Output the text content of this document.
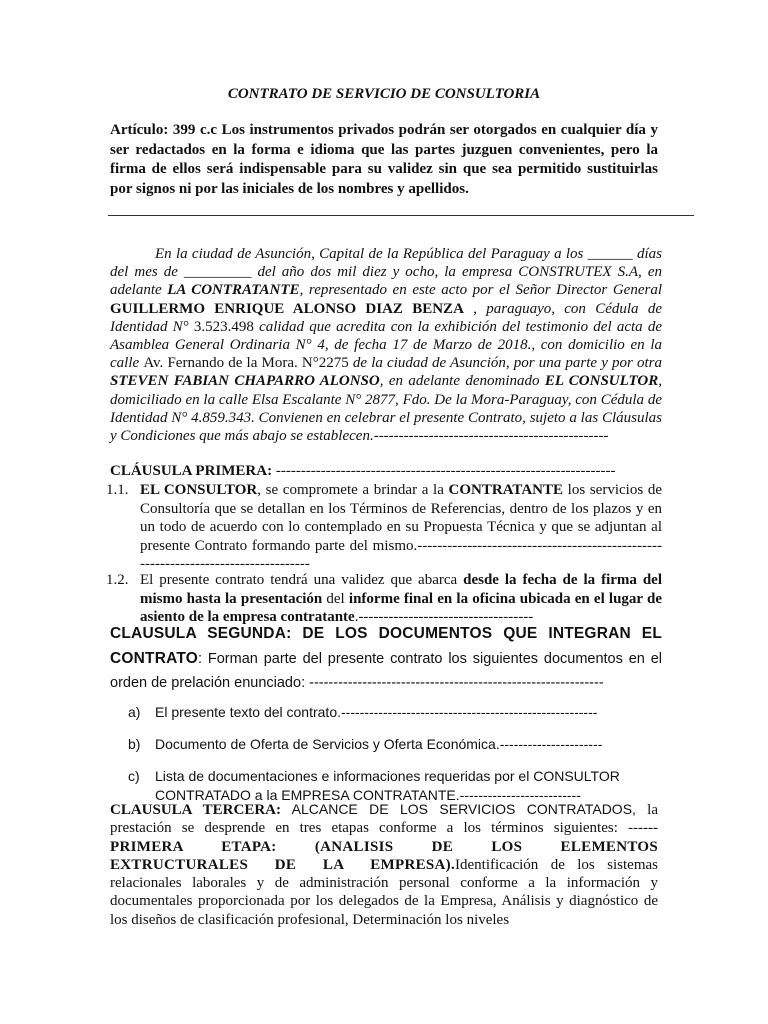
CONTRATO DE SERVICIO DE CONSULTORIA
Artículo: 399 c.c Los instrumentos privados podrán ser otorgados en cualquier día y ser redactados en la forma e idioma que las partes juzguen convenientes, pero la firma de ellos será indispensable para su validez sin que sea permitido sustituirlas por signos ni por las iniciales de los nombres y apellidos.
En la ciudad de Asunción, Capital de la República del Paraguay a los ______ días del mes de _________ del año dos mil diez y ocho, la empresa CONSTRUTEX S.A, en adelante LA CONTRATANTE, representado en este acto por el Señor Director General GUILLERMO ENRIQUE ALONSO DIAZ BENZA , paraguayo, con Cédula de Identidad N° 3.523.498 calidad que acredita con la exhibición del testimonio del acta de Asamblea General Ordinaria N° 4, de fecha 17 de Marzo de 2018., con domicilio en la calle Av. Fernando de la Mora. N°2275 de la ciudad de Asunción, por una parte y por otra STEVEN FABIAN CHAPARRO ALONSO, en adelante denominado EL CONSULTOR, domiciliado en la calle Elsa Escalante N° 2877, Fdo. De la Mora-Paraguay, con Cédula de Identidad N° 4.859.343. Convienen en celebrar el presente Contrato, sujeto a las Cláusulas y Condiciones que más abajo se establecen.-----------------------------------------------
CLÁUSULA PRIMERA: --------------------------------------------------------------------
1.1. EL CONSULTOR, se compromete a brindar a la CONTRATANTE los servicios de Consultoría que se detallan en los Términos de Referencias, dentro de los plazos y en un todo de acuerdo con lo contemplado en su Propuesta Técnica y que se adjuntan al presente Contrato formando parte del mismo.-----------------------------------------------------------------------------------
1.2. El presente contrato tendrá una validez que abarca desde la fecha de la firma del mismo hasta la presentación del informe final en la oficina ubicada en el lugar de asiento de la empresa contratante.-----------------------------------
CLAUSULA SEGUNDA: DE LOS DOCUMENTOS QUE INTEGRAN EL CONTRATO: Forman parte del presente contrato los siguientes documentos en el orden de prelación enunciado: -------------------------------------------------------------
a) El presente texto del contrato.-------------------------------------------------------
b) Documento de Oferta de Servicios y Oferta Económica.----------------------
c) Lista de documentaciones e informaciones requeridas por el CONSULTOR CONTRATADO a la EMPRESA CONTRATANTE.--------------------------
CLAUSULA TERCERA: ALCANCE DE LOS SERVICIOS CONTRATADOS, la prestación se desprende en tres etapas conforme a los términos siguientes: ------ PRIMERA ETAPA: (ANALISIS DE LOS ELEMENTOS EXTRUCTURALES DE LA EMPRESA).Identificación de los sistemas relacionales laborales y de administración personal conforme a la información y documentales proporcionada por los delegados de la Empresa, Análisis y diagnóstico de los diseños de clasificación profesional, Determinación los niveles
